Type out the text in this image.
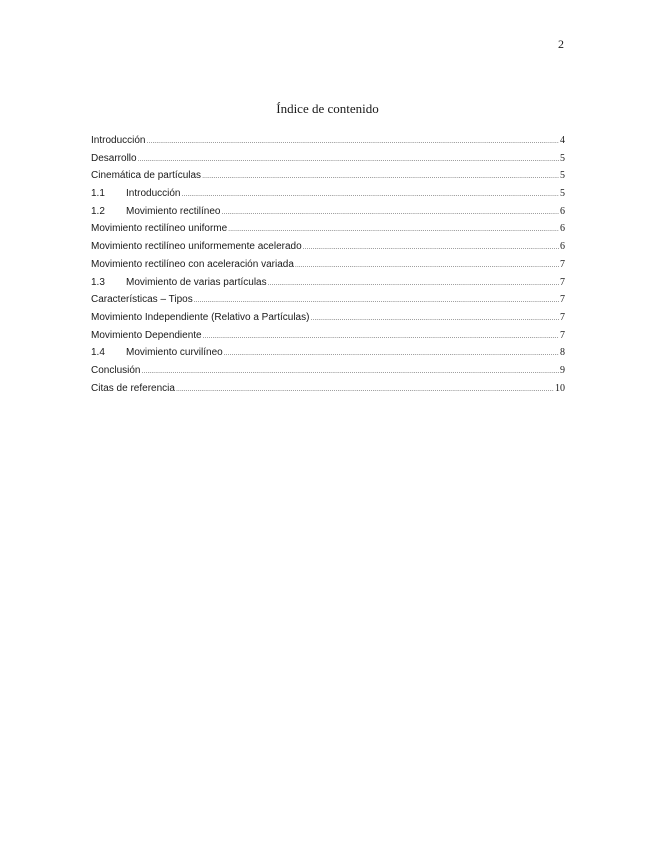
2
Índice de contenido
Introducción .....	4
Desarrollo .....	5
Cinemática de partículas .....	5
1.1	Introducción .....	5
1.2	Movimiento rectilíneo .....	6
Movimiento rectilíneo uniforme .....	6
Movimiento rectilíneo uniformemente acelerado .....	6
Movimiento rectilíneo con aceleración variada .....	7
1.3	Movimiento de varias partículas .....	7
Características – Tipos .....	7
Movimiento Independiente (Relativo a Partículas) .....	7
Movimiento Dependiente .....	7
1.4	Movimiento curvilíneo .....	8
Conclusión .....	9
Citas de referencia .....	10
